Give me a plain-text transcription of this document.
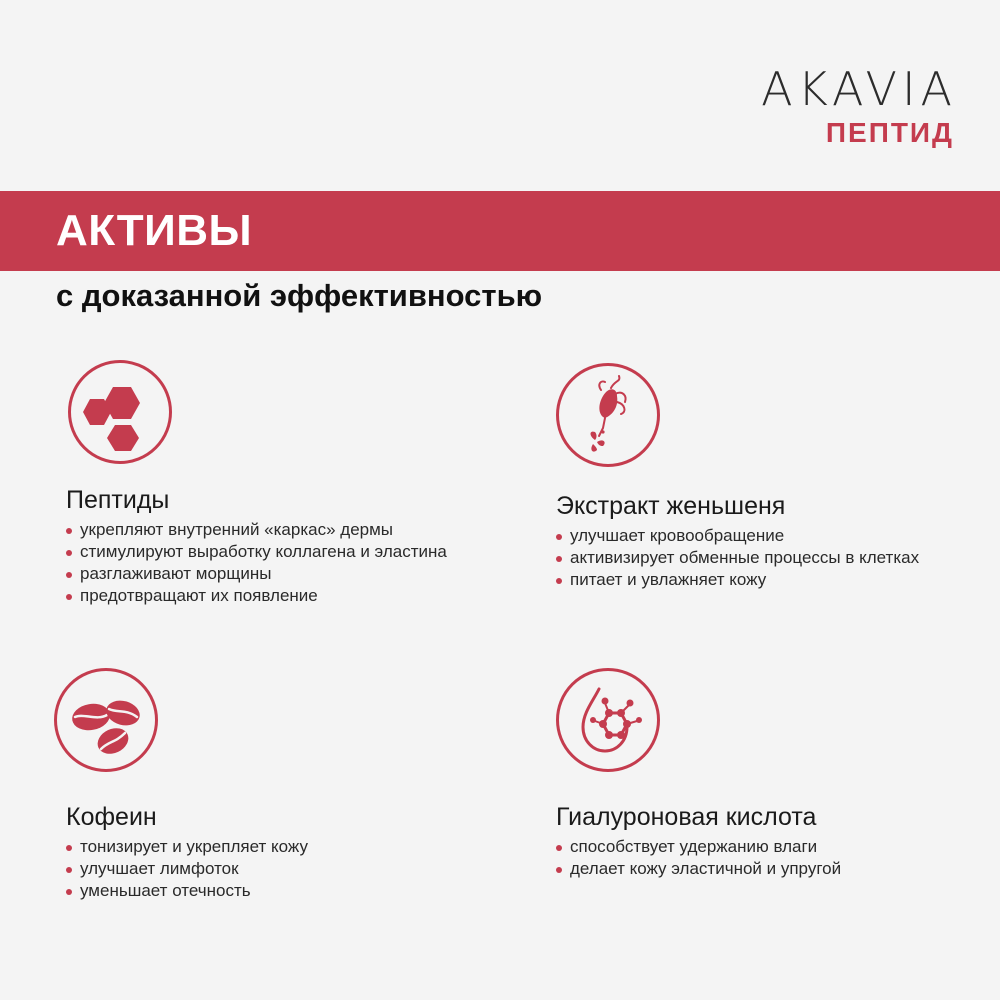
AKAVIA
ПЕПТИД
АКТИВЫ
с доказанной эффективностью
Пептиды
укрепляют внутренний «каркас» дермы
стимулируют выработку коллагена и эластина
разглаживают морщины
предотвращают их появление
Экстракт женьшеня
улучшает кровообращение
активизирует обменные процессы в клетках
питает и увлажняет кожу
Кофеин
тонизирует и укрепляет кожу
улучшает лимфоток
уменьшает отечность
Гиалуроновая кислота
способствует удержанию влаги
делает кожу эластичной и упругой
